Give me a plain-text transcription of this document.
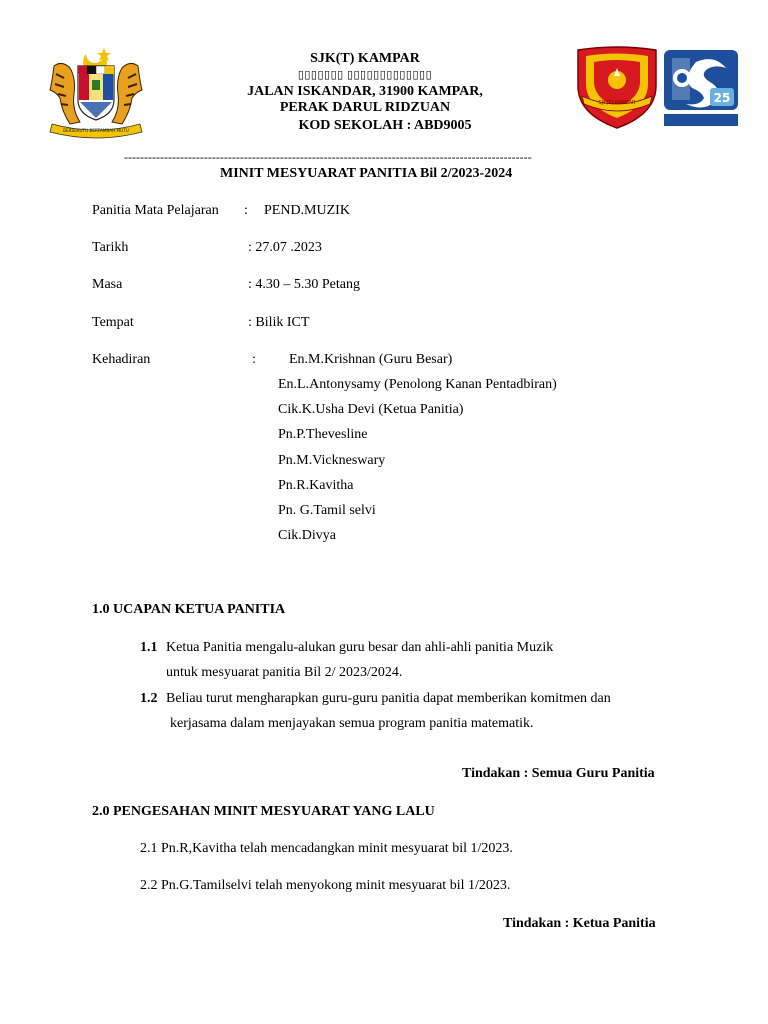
BERSEKUTU BERTAMBAH MUTU
SJK(T) KAMPAR
▯▯▯▯▯▯▯ ▯▯▯▯▯▯▯▯▯▯▯▯▯
JALAN ISKANDAR, 31900 KAMPAR,
PERAK DARUL RIDZUAN
KOD SEKOLAH : ABD9005
SJK(T) KAMPAR	25
------------------------------------------------------------------------------------------------------
MINIT MESYUARAT PANITIA Bil 2/2023-2024
Panitia Mata Pelajaran : PEND.MUZIK
Tarikh	: 27.07 .2023
Masa	: 4.30 – 5.30 Petang
Tempat	: Bilik ICT
Kehadiran	: En.M.Krishnan (Guru Besar)
En.L.Antonysamy (Penolong Kanan Pentadbiran)
Cik.K.Usha Devi (Ketua Panitia)
Pn.P.Thevesline
Pn.M.Vickneswary
Pn.R.Kavitha
Pn. G.Tamil selvi
Cik.Divya
1.0 UCAPAN KETUA PANITIA
1.1 Ketua Panitia mengalu-alukan guru besar dan ahli-ahli panitia Muzik
untuk mesyuarat panitia Bil 2/ 2023/2024.
1.2 Beliau turut mengharapkan guru-guru panitia dapat memberikan komitmen dan
kerjasama dalam menjayakan semua program panitia matematik.
Tindakan : Semua Guru Panitia
2.0 PENGESAHAN MINIT MESYUARAT YANG LALU
2.1 Pn.R,Kavitha telah mencadangkan minit mesyuarat bil 1/2023.
2.2 Pn.G.Tamilselvi telah menyokong minit mesyuarat bil 1/2023.
Tindakan : Ketua Panitia
